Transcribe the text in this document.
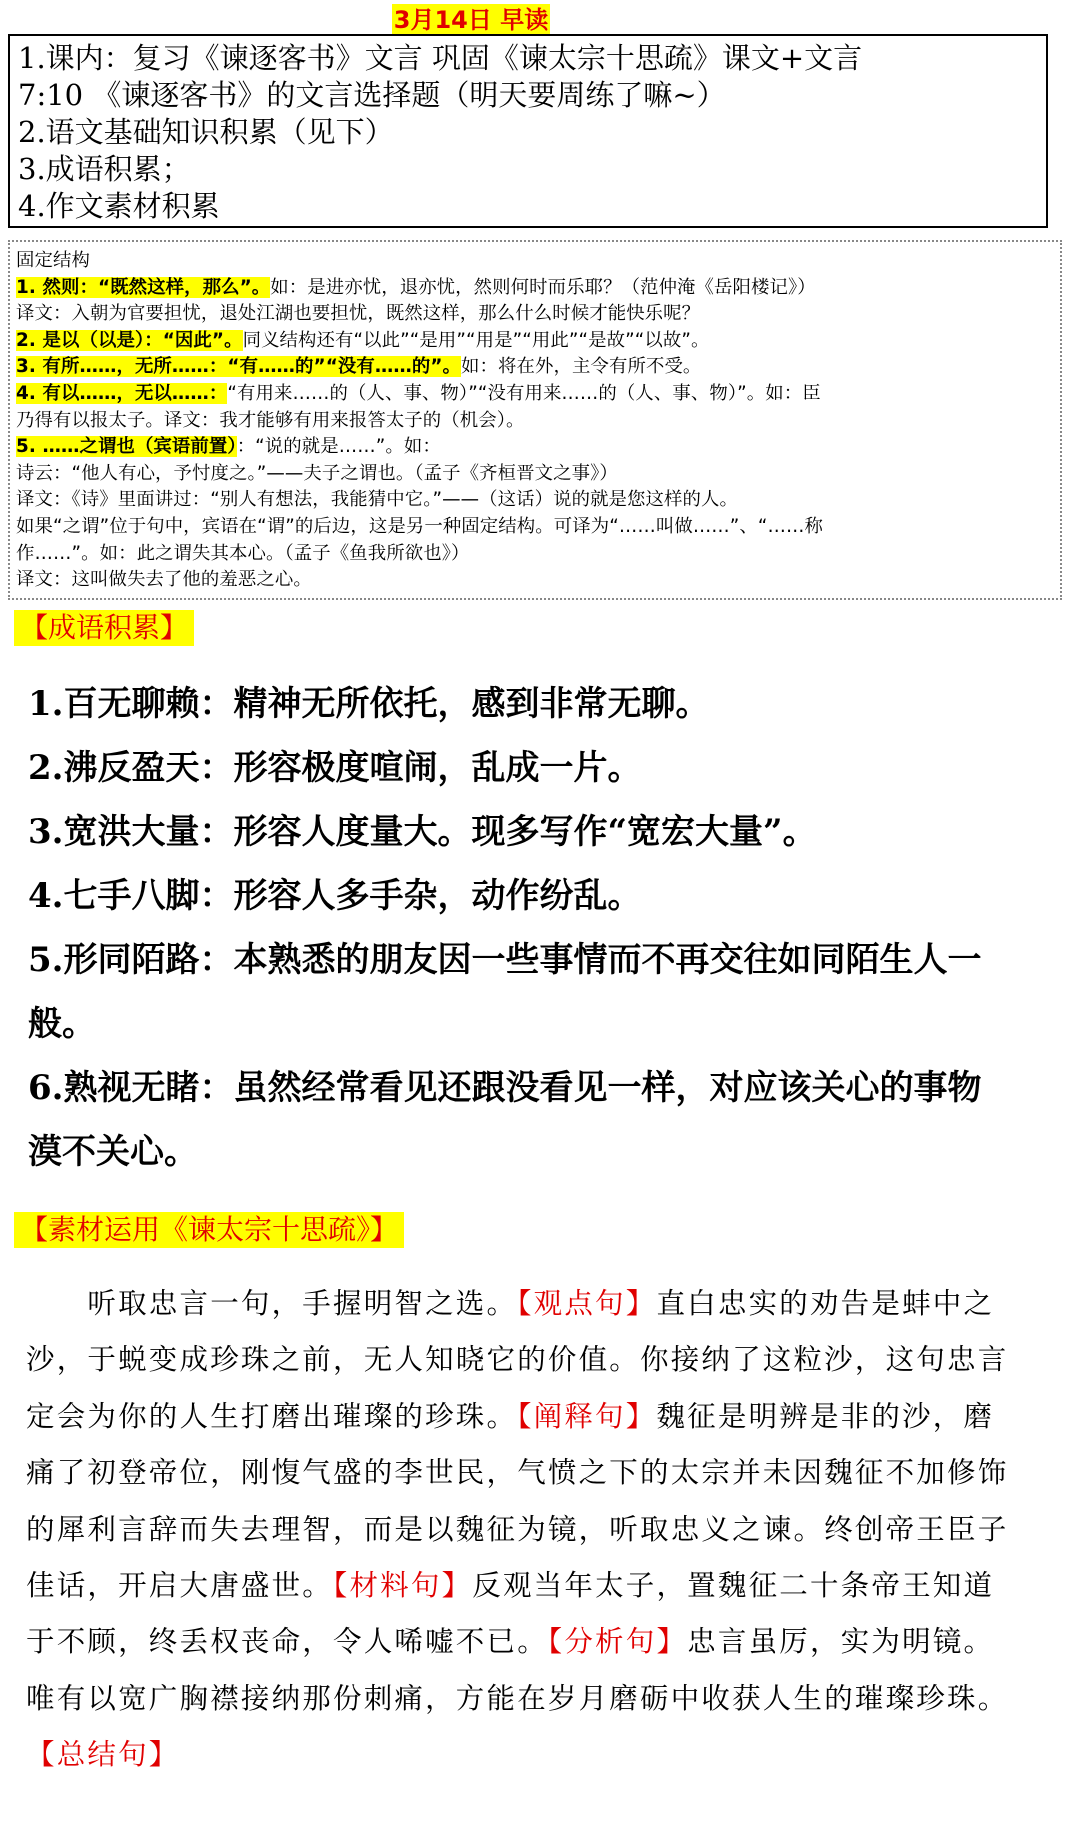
3月14日 早读
1.课内：复习《谏逐客书》文言 巩固《谏太宗十思疏》课文+文言
7:10 《谏逐客书》的文言选择题（明天要周练了嘛~）
2.语文基础知识积累（见下）
3.成语积累；
4.作文素材积累
固定结构
1. 然则：“既然这样，那么”。如：是进亦忧，退亦忧，然则何时而乐耶？（范仲淹《岳阳楼记》）
译文：入朝为官要担忧，退处江湖也要担忧，既然这样，那么什么时候才能快乐呢？
2. 是以（以是）：“因此”。同义结构还有“以此”“是用”“用是”“用此”“是故”“以故”。
3. 有所……，无所……：“有……的”“没有……的”。如：将在外，主令有所不受。
4. 有以……，无以……：“有用来……的（人、事、物）”“没有用来……的（人、事、物）”。如：臣
乃得有以报太子。译文：我才能够有用来报答太子的（机会）。
5. ……之谓也（宾语前置）：“说的就是……”。如：
诗云：“他人有心，予忖度之。”——夫子之谓也。（孟子《齐桓晋文之事》）
译文：《诗》里面讲过：“别人有想法，我能猜中它。”——（这话）说的就是您这样的人。
如果“之谓”位于句中，宾语在“谓”的后边，这是另一种固定结构。可译为“……叫做……”、“……称
作……”。如：此之谓失其本心。（孟子《鱼我所欲也》）
译文：这叫做失去了他的羞恶之心。
【成语积累】
1.百无聊赖：精神无所依托，感到非常无聊。
2.沸反盈天：形容极度喧闹，乱成一片。
3.宽洪大量：形容人度量大。现多写作“宽宏大量”。
4.七手八脚：形容人多手杂，动作纷乱。
5.形同陌路：本熟悉的朋友因一些事情而不再交往如同陌生人一
般。
6.熟视无睹：虽然经常看见还跟没看见一样，对应该关心的事物
漠不关心。
【素材运用《谏太宗十思疏》】
　　听取忠言一句，手握明智之选。【观点句】直白忠实的劝告是蚌中之
沙，于蜕变成珍珠之前，无人知晓它的价值。你接纳了这粒沙，这句忠言
定会为你的人生打磨出璀璨的珍珠。【阐释句】魏征是明辨是非的沙，磨
痛了初登帝位，刚愎气盛的李世民，气愤之下的太宗并未因魏征不加修饰
的犀利言辞而失去理智，而是以魏征为镜，听取忠义之谏。终创帝王臣子
佳话，开启大唐盛世。【材料句】反观当年太子，置魏征二十条帝王知道
于不顾，终丢权丧命，令人唏嘘不已。【分析句】忠言虽厉，实为明镜。
唯有以宽广胸襟接纳那份刺痛，方能在岁月磨砺中收获人生的璀璨珍珠。
【总结句】
